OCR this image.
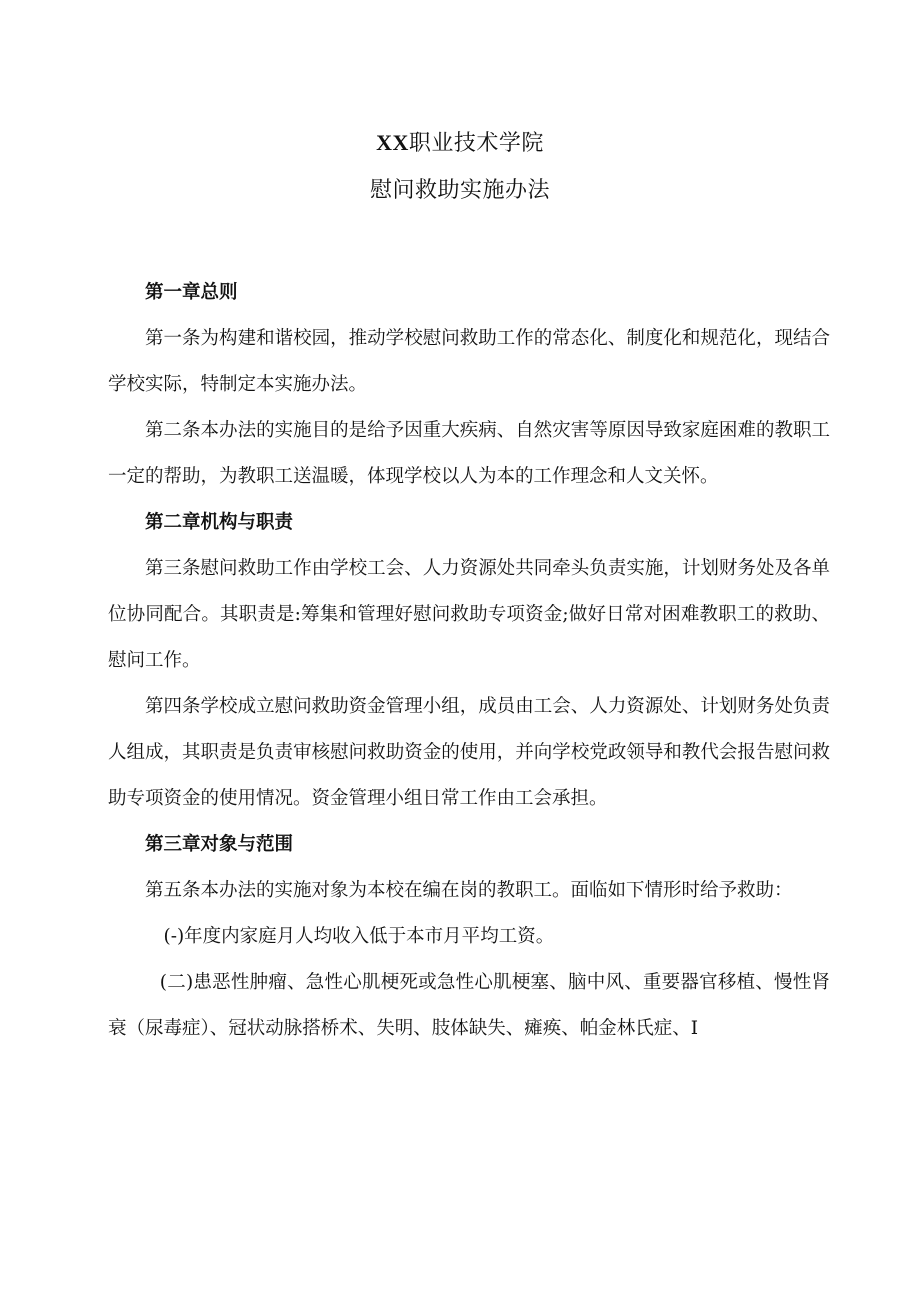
XX职业技术学院
慰问救助实施办法
第一章总则

第一条为构建和谐校园，推动学校慰问救助工作的常态化、制度化和规范化，现结合学校实际，特制定本实施办法。

第二条本办法的实施目的是给予因重大疾病、自然灾害等原因导致家庭困难的教职工一定的帮助，为教职工送温暖，体现学校以人为本的工作理念和人文关怀。

第二章机构与职责

第三条慰问救助工作由学校工会、人力资源处共同牵头负责实施，计划财务处及各单位协同配合。其职责是:筹集和管理好慰问救助专项资金;做好日常对困难教职工的救助、慰问工作。

第四条学校成立慰问救助资金管理小组，成员由工会、人力资源处、计划财务处负责人组成，其职责是负责审核慰问救助资金的使用，并向学校党政领导和教代会报告慰问救助专项资金的使用情况。资金管理小组日常工作由工会承担。

第三章对象与范围

第五条本办法的实施对象为本校在编在岗的教职工。面临如下情形时给予救助：

(-)年度内家庭月人均收入低于本市月平均工资。

(二)患恶性肿瘤、急性心肌梗死或急性心肌梗塞、脑中风、重要器官移植、慢性肾衰（尿毒症）、冠状动脉搭桥术、失明、肢体缺失、瘫痪、帕金林氏症、I
